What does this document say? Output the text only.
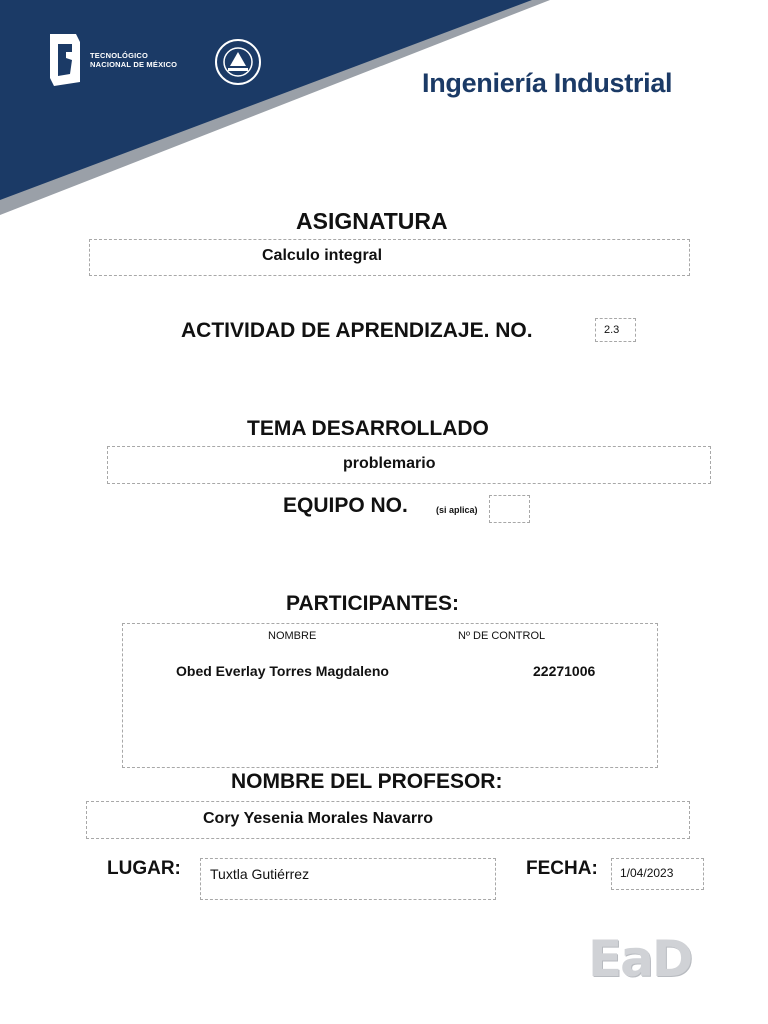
TECNOLÓGICO
NACIONAL DE MÉXICO
Ingeniería Industrial
ASIGNATURA
Calculo integral
ACTIVIDAD DE APRENDIZAJE. NO.	2.3
TEMA DESARROLLADO
problemario
EQUIPO NO.	(si aplica)
PARTICIPANTES:
NOMBRE	Nº DE CONTROL
Obed Everlay Torres Magdaleno	22271006
NOMBRE DEL PROFESOR:
Cory Yesenia Morales Navarro
LUGAR: Tuxtla Gutiérrez	FECHA: 1/04/2023
EaD
